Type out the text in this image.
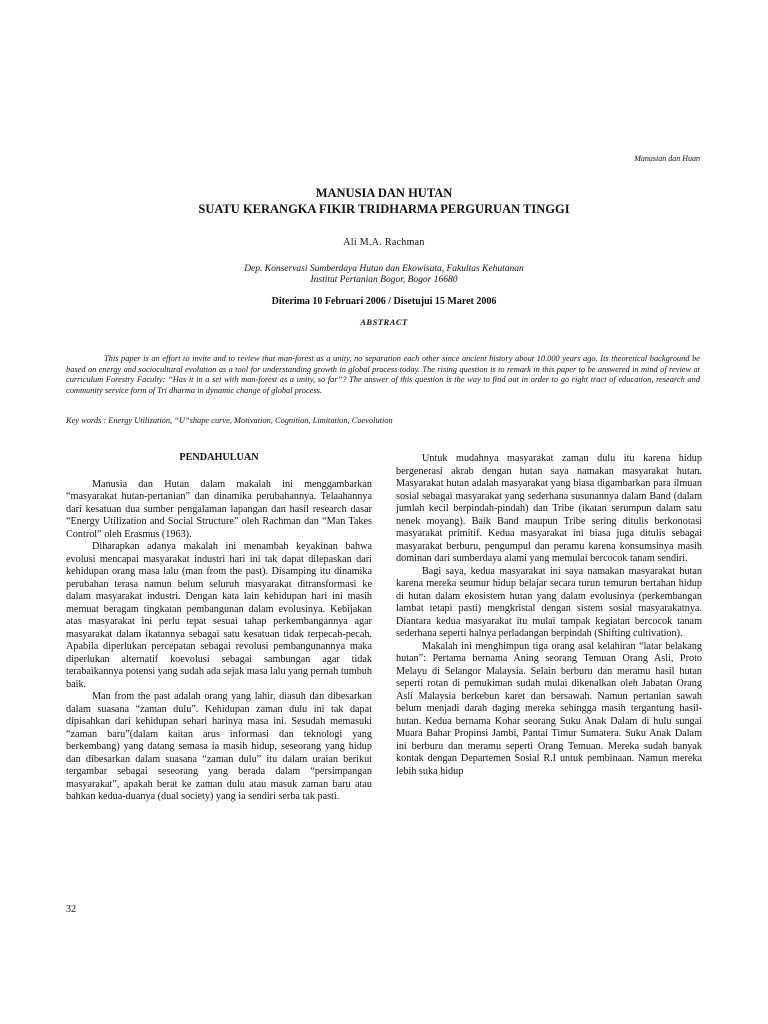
Manusian dan Huan

MANUSIA DAN HUTAN

SUATU KERANGKA FIKIR TRIDHARMA PERGURUAN TINGGI

Ali M.A. Rachman
Dep. Konservasi Sumberdaya Hutan dan Ekowisata, Fakultas Kehutanan
Institut Pertanian Bogor, Bogor 16680
Diterima 10 Februari 2006 / Disetujui 15 Maret 2006
ABSTRACT

This paper is an effort to invite and to review that man-forest as a unity, no separation each other since ancient history about 10.000 years ago. Its theoretical background be based on energy and sociocultural evolution as a tool for understanding growth in global process today. The rising question is to remark in this paper to be answered in mind of review at curriculum Forestry Faculty: “Has it in a set with man-forest as a unity, so far”? The answer of this question is the way to find out in order to go right tract of education, research and community service form of Tri dharma in dynamic change of global process.

Key words : Energy Utilization, “U”shape curve, Motivation, Cognition, Limitation, Coevolution
PENDAHULUAN

Manusia dan Hutan dalam makalah ini menggambarkan “masyarakat hutan-pertanian” dan dinamika perubahannya. Telaahannya dari kesatuan dua sumber pengalaman lapangan dan hasil research dasar “Energy Utilization and Social Structure” oleh Rachman dan “Man Takes Control” oleh Erasmus (1963).

Diharapkan adanya makalah ini menambah keyakinan bahwa evolusi mencapai masyarakat industri hari ini tak dapat dilepaskan dari kehidupan orang masa lalu (man from the past). Disamping itu dinamika perubahan terasa namun belum seluruh masyarakat ditransformasi ke dalam masyarakat industri. Dengan kata lain kehidupan hari ini masih memuat beragam tingkatan pembangunan dalam evolusinya. Kebijakan atas masyarakat ini perlu tepat sesuai tahap perkembangannya agar masyarakat dalam ikatannya sebagai satu kesatuan tidak terpecah-pecah. Apabila diperlukan percepatan sebagai revolusi pembangunannya maka diperlukan alternatif koevolusi sebagai sambungan agar tidak terabaikannya potensi yang sudah ada sejak masa lalu yang pernah tumbuh baik.

Man from the past adalah orang yang lahir, diasuh dan dibesarkan dalam suasana “zaman dulu”. Kehidupan zaman dulu ini tak dapat dipisahkan dari kehidupan sehari harinya masa ini. Sesudah memasuki “zaman baru”(dalam kaitan arus informasi dan teknologi yang berkembang) yang datang semasa ia masih hidup, seseorang yang hidup dan dibesarkan dalam suasana “zaman dulu” itu dalam uraian berikut tergambar sebagai seseorang yang berada dalam “persimpangan masyarakat”, apakah berat ke zaman dulu atau masuk zaman baru atau bahkan kedua-duanya (dual society) yang ia sendiri serba tak pasti.

Untuk mudahnya masyarakat zaman dulu itu karena hidup bergenerasi akrab dengan hutan saya namakan masyarakat hutan. Masyarakat hutan adalah masyarakat yang biasa digambarkan para ilmuan sosial sebagai masyarakat yang sederhana susunannya dalam Band (dalam jumlah kecil berpindah-pindah) dan Tribe (ikatan serumpun dalam satu nenek moyang). Baik Band maupun Tribe sering ditulis berkonotasi masyarakat primitif. Kedua masyarakat ini biasa juga ditulis sebagai masyarakat berburu, pengumpul dan peramu karena konsumsinya masih dominan dari sumberdaya alami yang memulai bercocok tanam sendiri.

Bagi saya, kedua masyarakat ini saya namakan masyarakat hutan karena mereka seumur hidup belajar secara turun temurun bertahan hidup di hutan dalam ekosistem hutan yang dalam evolusinya (perkembangan lambat tetapi pasti) mengkristal dengan sistem sosial masyarakatnya. Diantara kedua masyarakat itu mulai tampak kegiatan bercocok tanam sederhana seperti halnya perladangan berpindah (Shifting cultivation).

Makalah ini menghimpun tiga orang asal kelahiran “latar belakang hutan”: Pertama bernama Aning seorang Temuan Orang Asli, Proto Melayu di Selangor Malaysia. Selain berburu dan meramu hasil hutan seperti rotan di pemukiman sudah mulai dikenalkan oleh Jabatan Orang Asli Malaysia berkebun karet dan bersawah. Namun pertanian sawah belum menjadi darah daging mereka sehingga masih tergantung hasil-hutan. Kedua bernama Kohar seorang Suku Anak Dalam di hulu sungai Muara Bahar Propinsi Jambi, Pantai Timur Sumatera. Suku Anak Dalam ini berburu dan meramu seperti Orang Temuan. Mereka sudah banyak kontak dengan Departemen Sosial R.I untuk pembinaan. Namun mereka lebih suka hidup

32
